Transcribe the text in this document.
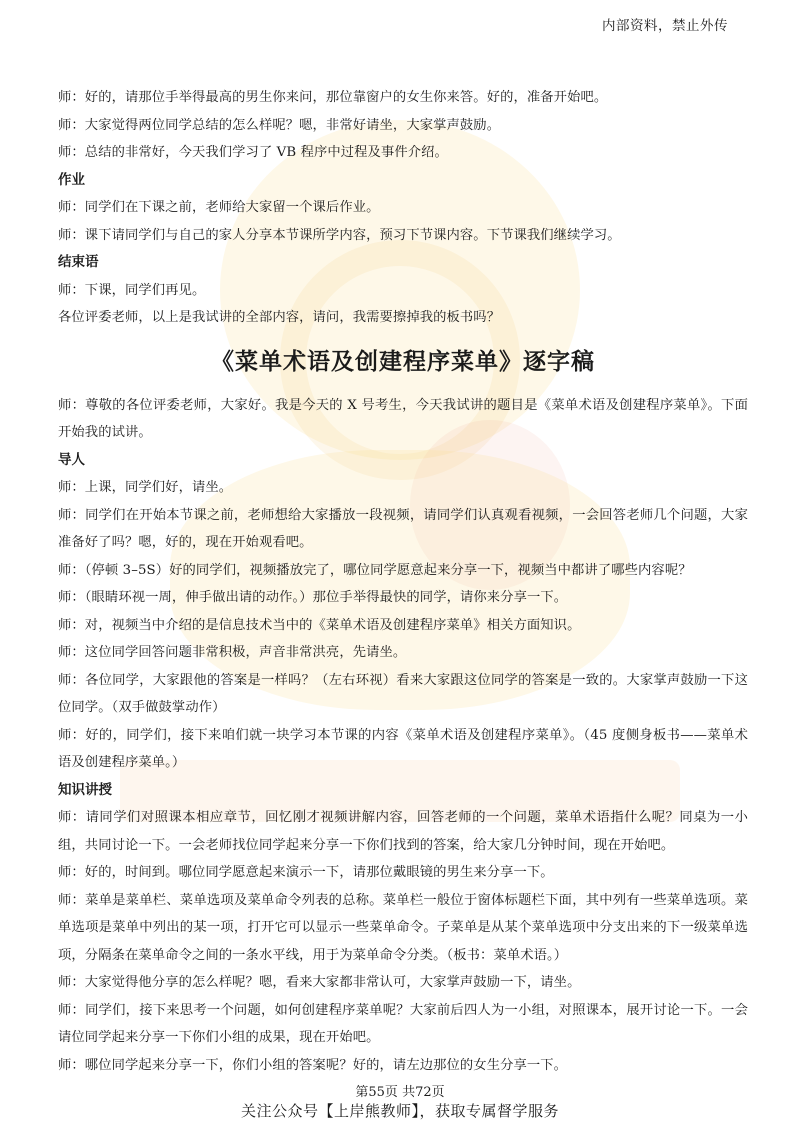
内部资料，禁止外传
师：好的，请那位手举得最高的男生你来问，那位靠窗户的女生你来答。好的，准备开始吧。
师：大家觉得两位同学总结的怎么样呢？嗯，非常好请坐，大家掌声鼓励。
师：总结的非常好，今天我们学习了 VB 程序中过程及事件介绍。
作业
师：同学们在下课之前，老师给大家留一个课后作业。
师：课下请同学们与自己的家人分享本节课所学内容，预习下节课内容。下节课我们继续学习。
结束语
师：下课，同学们再见。
各位评委老师，以上是我试讲的全部内容，请问，我需要擦掉我的板书吗？
《菜单术语及创建程序菜单》逐字稿
师：尊敬的各位评委老师，大家好。我是今天的 X 号考生，今天我试讲的题目是《菜单术语及创建程序菜单》。下面开始我的试讲。
导人
师：上课，同学们好，请坐。
师：同学们在开始本节课之前，老师想给大家播放一段视频，请同学们认真观看视频，一会回答老师几个问题，大家准备好了吗？嗯，好的，现在开始观看吧。
师：（停顿 3–5S）好的同学们，视频播放完了，哪位同学愿意起来分享一下，视频当中都讲了哪些内容呢？
师：（眼睛环视一周，伸手做出请的动作。）那位手举得最快的同学，请你来分享一下。
师：对，视频当中介绍的是信息技术当中的《菜单术语及创建程序菜单》相关方面知识。
师：这位同学回答问题非常积极，声音非常洪亮，先请坐。
师：各位同学，大家跟他的答案是一样吗？（左右环视）看来大家跟这位同学的答案是一致的。大家掌声鼓励一下这位同学。（双手做鼓掌动作）
师：好的，同学们，接下来咱们就一块学习本节课的内容《菜单术语及创建程序菜单》。（45 度侧身板书——菜单术语及创建程序菜单。）
知识讲授
师：请同学们对照课本相应章节，回忆刚才视频讲解内容，回答老师的一个问题，菜单术语指什么呢？同桌为一小组，共同讨论一下。一会老师找位同学起来分享一下你们找到的答案，给大家几分钟时间，现在开始吧。
师：好的，时间到。哪位同学愿意起来演示一下，请那位戴眼镜的男生来分享一下。
师：菜单是菜单栏、菜单选项及菜单命令列表的总称。菜单栏一般位于窗体标题栏下面，其中列有一些菜单选项。菜单选项是菜单中列出的某一项，打开它可以显示一些菜单命令。子菜单是从某个菜单选项中分支出来的下一级菜单选项，分隔条在菜单命令之间的一条水平线，用于为菜单命令分类。（板书：菜单术语。）
师：大家觉得他分享的怎么样呢？嗯，看来大家都非常认可，大家掌声鼓励一下，请坐。
师：同学们，接下来思考一个问题，如何创建程序菜单呢？大家前后四人为一小组，对照课本，展开讨论一下。一会请位同学起来分享一下你们小组的成果，现在开始吧。
师：哪位同学起来分享一下，你们小组的答案呢？好的，请左边那位的女生分享一下。
第55页 共72页
关注公众号【上岸熊教师】，获取专属督学服务
